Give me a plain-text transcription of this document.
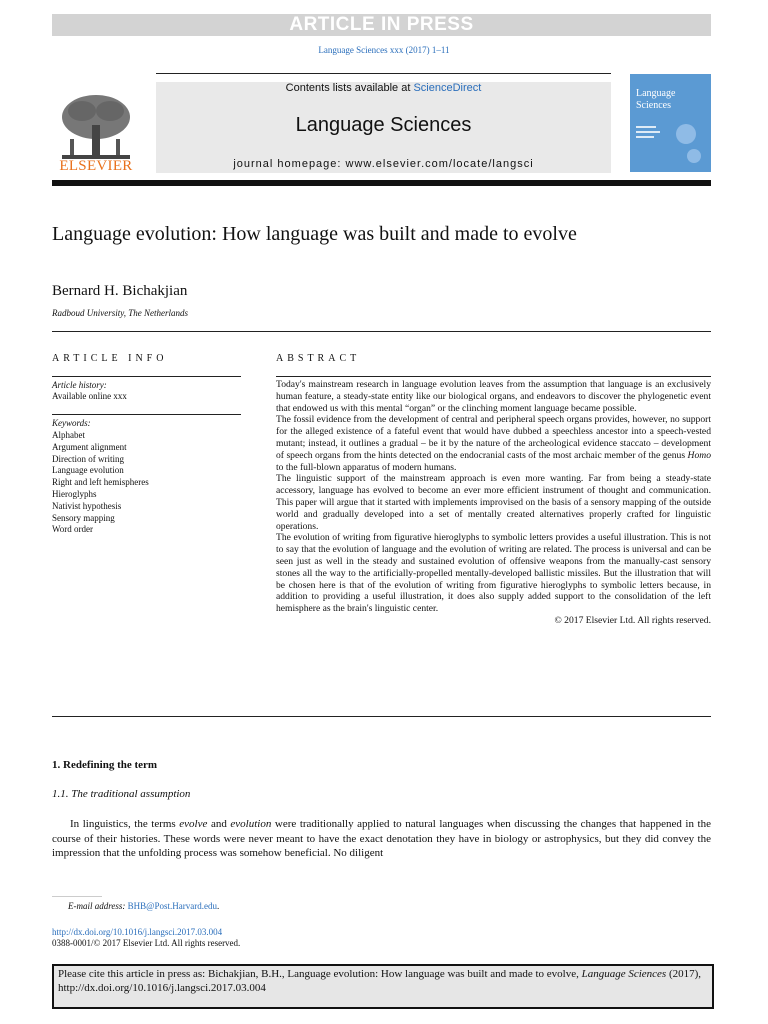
ARTICLE IN PRESS
Language Sciences xxx (2017) 1–11
ELSEVIER
Contents lists available at ScienceDirect
Language Sciences
journal homepage: www.elsevier.com/locate/langsci
Language
Sciences
Language evolution: How language was built and made to evolve
Bernard H. Bichakjian
Radboud University, The Netherlands
ARTICLE INFO	ABSTRACT
Article history:
Available online xxx
Keywords:
Alphabet
Argument alignment
Direction of writing
Language evolution
Right and left hemispheres
Hieroglyphs
Nativist hypothesis
Sensory mapping
Word order

Today's mainstream research in language evolution leaves from the assumption that language is an exclusively human feature, a steady-state entity like our biological organs, and endeavors to discover the phylogenetic event that endowed us with this mental “organ” or the clinching moment language became possible.

The fossil evidence from the development of central and peripheral speech organs provides, however, no support for the alleged existence of a fateful event that would have dubbed a speechless ancestor into a speech-vested mutant; instead, it outlines a gradual – be it by the nature of the archeological evidence staccato – development of speech organs from the hints detected on the endocranial casts of the most archaic member of the genus Homo to the full-blown apparatus of modern humans.

The linguistic support of the mainstream approach is even more wanting. Far from being a steady-state accessory, language has evolved to become an ever more efficient instrument of thought and communication. This paper will argue that it started with implements improvised on the basis of a sensory mapping of the outside world and gradually developed into a set of mentally created alternatives properly crafted for linguistic operations.

The evolution of writing from figurative hieroglyphs to symbolic letters provides a useful illustration. This is not to say that the evolution of language and the evolution of writing are related. The process is universal and can be seen just as well in the steady and sustained evolution of offensive weapons from the manually-cast sensory stones all the way to the artificially-propelled mentally-developed ballistic missiles. But the illustration that will be chosen here is that of the evolution of writing from figurative hieroglyphs to symbolic letters because, in addition to providing a useful illustration, it does also supply added support to the consolidation of the left hemisphere as the brain's linguistic center.

© 2017 Elsevier Ltd. All rights reserved.

1. Redefining the term
1.1. The traditional assumption

In linguistics, the terms evolve and evolution were traditionally applied to natural languages when discussing the changes that happened in the course of their histories. These words were never meant to have the exact denotation they have in biology or astrophysics, but they did convey the impression that the unfolding process was somehow beneficial. No diligent

E-mail address: BHB@Post.Harvard.edu.
http://dx.doi.org/10.1016/j.langsci.2017.03.004
0388-0001/© 2017 Elsevier Ltd. All rights reserved.
Please cite this article in press as: Bichakjian, B.H., Language evolution: How language was built and made to evolve, Language Sciences (2017), http://dx.doi.org/10.1016/j.langsci.2017.03.004
